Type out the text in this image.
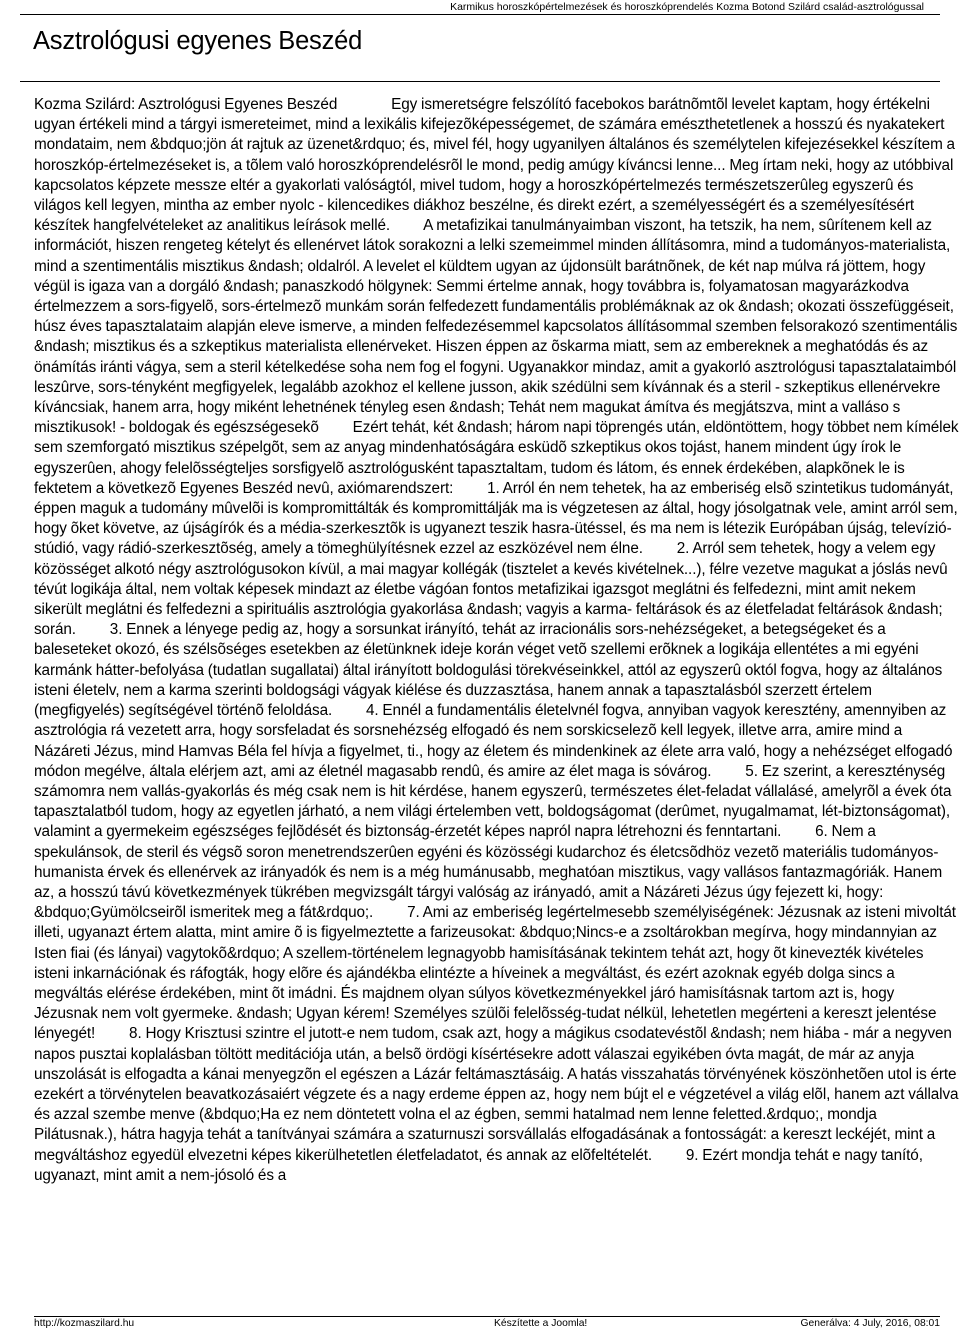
Karmikus horoszkópértelmezések és horoszkóprendelés Kozma Botond Szilárd család-asztrológussal
Asztrológusi egyenes Beszéd
Kozma Szilárd: Asztrológusi Egyenes Beszéd	Egy ismeretségre felszólító facebokos barátnõmtõl levelet kaptam, hogy értékelni ugyan értékeli mind a tárgyi ismereteimet, mind a lexikális kifejezõképességemet, de számára emészthetetlenek a hosszú és nyakatekert mondataim, nem &bdquo;jön át rajtuk az üzenet&rdquo; és, mivel fél, hogy ugyanilyen általános és személytelen kifejezésekkel készítem a horoszkóp-értelmezéseket is, a tõlem való horoszkóprendelésrõl le mond, pedig amúgy kíváncsi lenne... Meg írtam neki, hogy az utóbbival kapcsolatos képzete messze eltér a gyakorlati valóságtól, mivel tudom, hogy a horoszkópértelmezés természetszerûleg egyszerû és világos kell legyen, mintha az ember nyolc - kilencedikes diákhoz beszélne, és direkt ezért, a személyességért és a személyesítésért készítek hangfelvételeket az analitikus leírások mellé. A metafizikai tanulmányaimban viszont, ha tetszik, ha nem, sûrítenem kell az információt, hiszen rengeteg kételyt és ellenérvet látok sorakozni a lelki szemeimmel minden állításomra, mind a tudományos-materialista, mind a szentimentális misztikus &ndash; oldalról. A levelet el küldtem ugyan az újdonsült barátnõnek, de két nap múlva rá jöttem, hogy végül is igaza van a dorgáló &ndash; panaszkodó hölgynek: Semmi értelme annak, hogy továbbra is, folyamatosan magyarázkodva értelmezzem a sors-figyelõ, sors-értelmezõ munkám során felfedezett fundamentális problémáknak az ok &ndash; okozati összefüggéseit, húsz éves tapasztalataim alapján eleve ismerve, a minden felfedezésemmel kapcsolatos állításommal szemben felsorakozó szentimentális &ndash; misztikus és a szkeptikus materialista ellenérveket. Hiszen éppen az õskarma miatt, sem az embereknek a meghatódás és az önámítás iránti vágya, sem a steril kételkedése soha nem fog el fogyni. Ugyanakkor mindaz, amit a gyakorló asztrológusi tapasztalataimból leszûrve, sors-tényként megfigyelek, legalább azokhoz el kellene jusson, akik szédülni sem kívánnak és a steril - szkeptikus ellenérvekre kíváncsiak, hanem arra, hogy miként lehetnének tényleg esen &ndash; Tehát nem magukat ámítva és megjátszva, mint a valláso s misztikusok! - boldogak és egészségesekõ Ezért tehát, két &ndash; három napi töprengés után, eldöntöttem, hogy többet nem kímélek sem szemforgató misztikus szépelgõt, sem az anyag mindenhatóságára esküdõ szkeptikus okos tojást, hanem mindent úgy írok le egyszerûen, ahogy felelõsségteljes sorsfigyelõ asztrológusként tapasztaltam, tudom és látom, és ennek érdekében, alapkõnek le is fektetem a következõ Egyenes Beszéd nevû, axiómarendszert: 1. Arról én nem tehetek, ha az emberiség elsõ szintetikus tudományát, éppen maguk a tudomány mûvelõi is kompromittálták és kompromittálják ma is végzetesen az által, hogy jósolgatnak vele, amint arról sem, hogy õket követve, az újságírók és a média-szerkesztõk is ugyanezt teszik hasra-ütéssel, és ma nem is létezik Európában újság, televízió-stúdió, vagy rádió-szerkesztõség, amely a tömeghülyítésnek ezzel az eszközével nem élne. 2. Arról sem tehetek, hogy a velem egy közösséget alkotó négy asztrológusokon kívül, a mai magyar kollégák (tisztelet a kevés kivételnek...), félre vezetve magukat a jóslás nevû tévút logikája által, nem voltak képesek mindazt az életbe vágóan fontos metafizikai igazsgot meglátni és felfedezni, mint amit nekem sikerült meglátni és felfedezni a spirituális asztrológia gyakorlása &ndash; vagyis a karma- feltárások és az életfeladat feltárások &ndash; során. 3. Ennek a lényege pedig az, hogy a sorsunkat irányító, tehát az irracionális sors-nehézségeket, a betegségeket és a baleseteket okozó, és szélsõséges esetekben az életünknek ideje korán véget vetõ szellemi erõknek a logikája ellentétes a mi egyéni karmánk hátter-befolyása (tudatlan sugallatai) által irányított boldogulási törekvéseinkkel, attól az egyszerû októl fogva, hogy az általános isteni életelv, nem a karma szerinti boldogsági vágyak kiélése és duzzasztása, hanem annak a tapasztalásból szerzett értelem (megfigyelés) segítségével történõ feloldása. 4. Ennél a fundamentális életelvnél fogva, annyiban vagyok keresztény, amennyiben az asztrológia rá vezetett arra, hogy sorsfeladat és sorsnehézség elfogadó és nem sorskicselezõ kell legyek, illetve arra, amire mind a Názáreti Jézus, mind Hamvas Béla fel hívja a figyelmet, ti., hogy az életem és mindenkinek az élete arra való, hogy a nehézséget elfogadó módon megélve, általa elérjem azt, ami az életnél magasabb rendû, és amire az élet maga is sóvárog. 5. Ez szerint, a kereszténység számomra nem vallás-gyakorlás és még csak nem is hit kérdése, hanem egyszerû, természetes élet-feladat vállalásé, amelyrõl a évek óta tapasztalatból tudom, hogy az egyetlen járható, a nem világi értelemben vett, boldogságomat (derûmet, nyugalmamat, lét-biztonságomat), valamint a gyermekeim egészséges fejlõdését és biztonság-érzetét képes napról napra létrehozni és fenntartani. 6. Nem a spekulánsok, de steril és végsõ soron menetrendszerûen egyéni és közösségi kudarchoz és életcsõdhöz vezetõ materiális tudományos- humanista érvek és ellenérvek az irányadók és nem is a még humánusabb, meghatóan misztikus, vagy vallásos fantazmagóriák. Hanem az, a hosszú távú következmények tükrében megvizsgált tárgyi valóság az irányadó, amit a Názáreti Jézus úgy fejezett ki, hogy: &bdquo;Gyümölcseirõl ismeritek meg a fát&rdquo;. 7. Ami az emberiség legértelmesebb személyiségének: Jézusnak az isteni mivoltát illeti, ugyanazt értem alatta, mint amire õ is figyelmeztette a farizeusokat: &bdquo;Nincs-e a zsoltárokban megírva, hogy mindannyian az Isten fiai (és lányai) vagytokõ&rdquo; A szellem-történelem legnagyobb hamisításának tekintem tehát azt, hogy õt kinevezték kivételes isteni inkarnációnak és ráfogták, hogy elõre és ajándékba elintézte a híveinek a megváltást, és ezért azoknak egyéb dolga sincs a megváltás elérése érdekében, mint õt imádni. És majdnem olyan súlyos következményekkel járó hamisításnak tartom azt is, hogy Jézusnak nem volt gyermeke. &ndash; Ugyan kérem! Személyes szülõi felelõsség-tudat nélkül, lehetetlen megérteni a kereszt jelentése lényegét! 8. Hogy Krisztusi szintre el jutott-e nem tudom, csak azt, hogy a mágikus csodatevéstõl &ndash; nem hiába - már a negyven napos pusztai koplalásban töltött meditációja után, a belsõ ördögi kísértésekre adott válaszai egyikében óvta magát, de már az anyja unszolását is elfogadta a kánai menyegzõn el egészen a Lázár feltámasztásáig. A hatás visszahatás törvényének köszönhetõen utol is érte ezekért a törvénytelen beavatkozásaiért végzete és a nagy erdeme éppen az, hogy nem bújt el e végzetével a világ elõl, hanem azt vállalva és azzal szembe menve (&bdquo;Ha ez nem döntetett volna el az égben, semmi hatalmad nem lenne feletted.&rdquo;, mondja Pilátusnak.), hátra hagyja tehát a tanítványai számára a szaturnuszi sorsvállalás elfogadásának a fontosságát: a kereszt leckéjét, mint a megváltáshoz egyedül elvezetni képes kikerülhetetlen életfeladatot, és annak az elõfeltételét. 9. Ezért mondja tehát e nagy tanító, ugyanazt, mint amit a nem-jósoló és a
http://kozmaszilard.hu	Készítette a Joomla!	Generálva: 4 July, 2016, 08:01
